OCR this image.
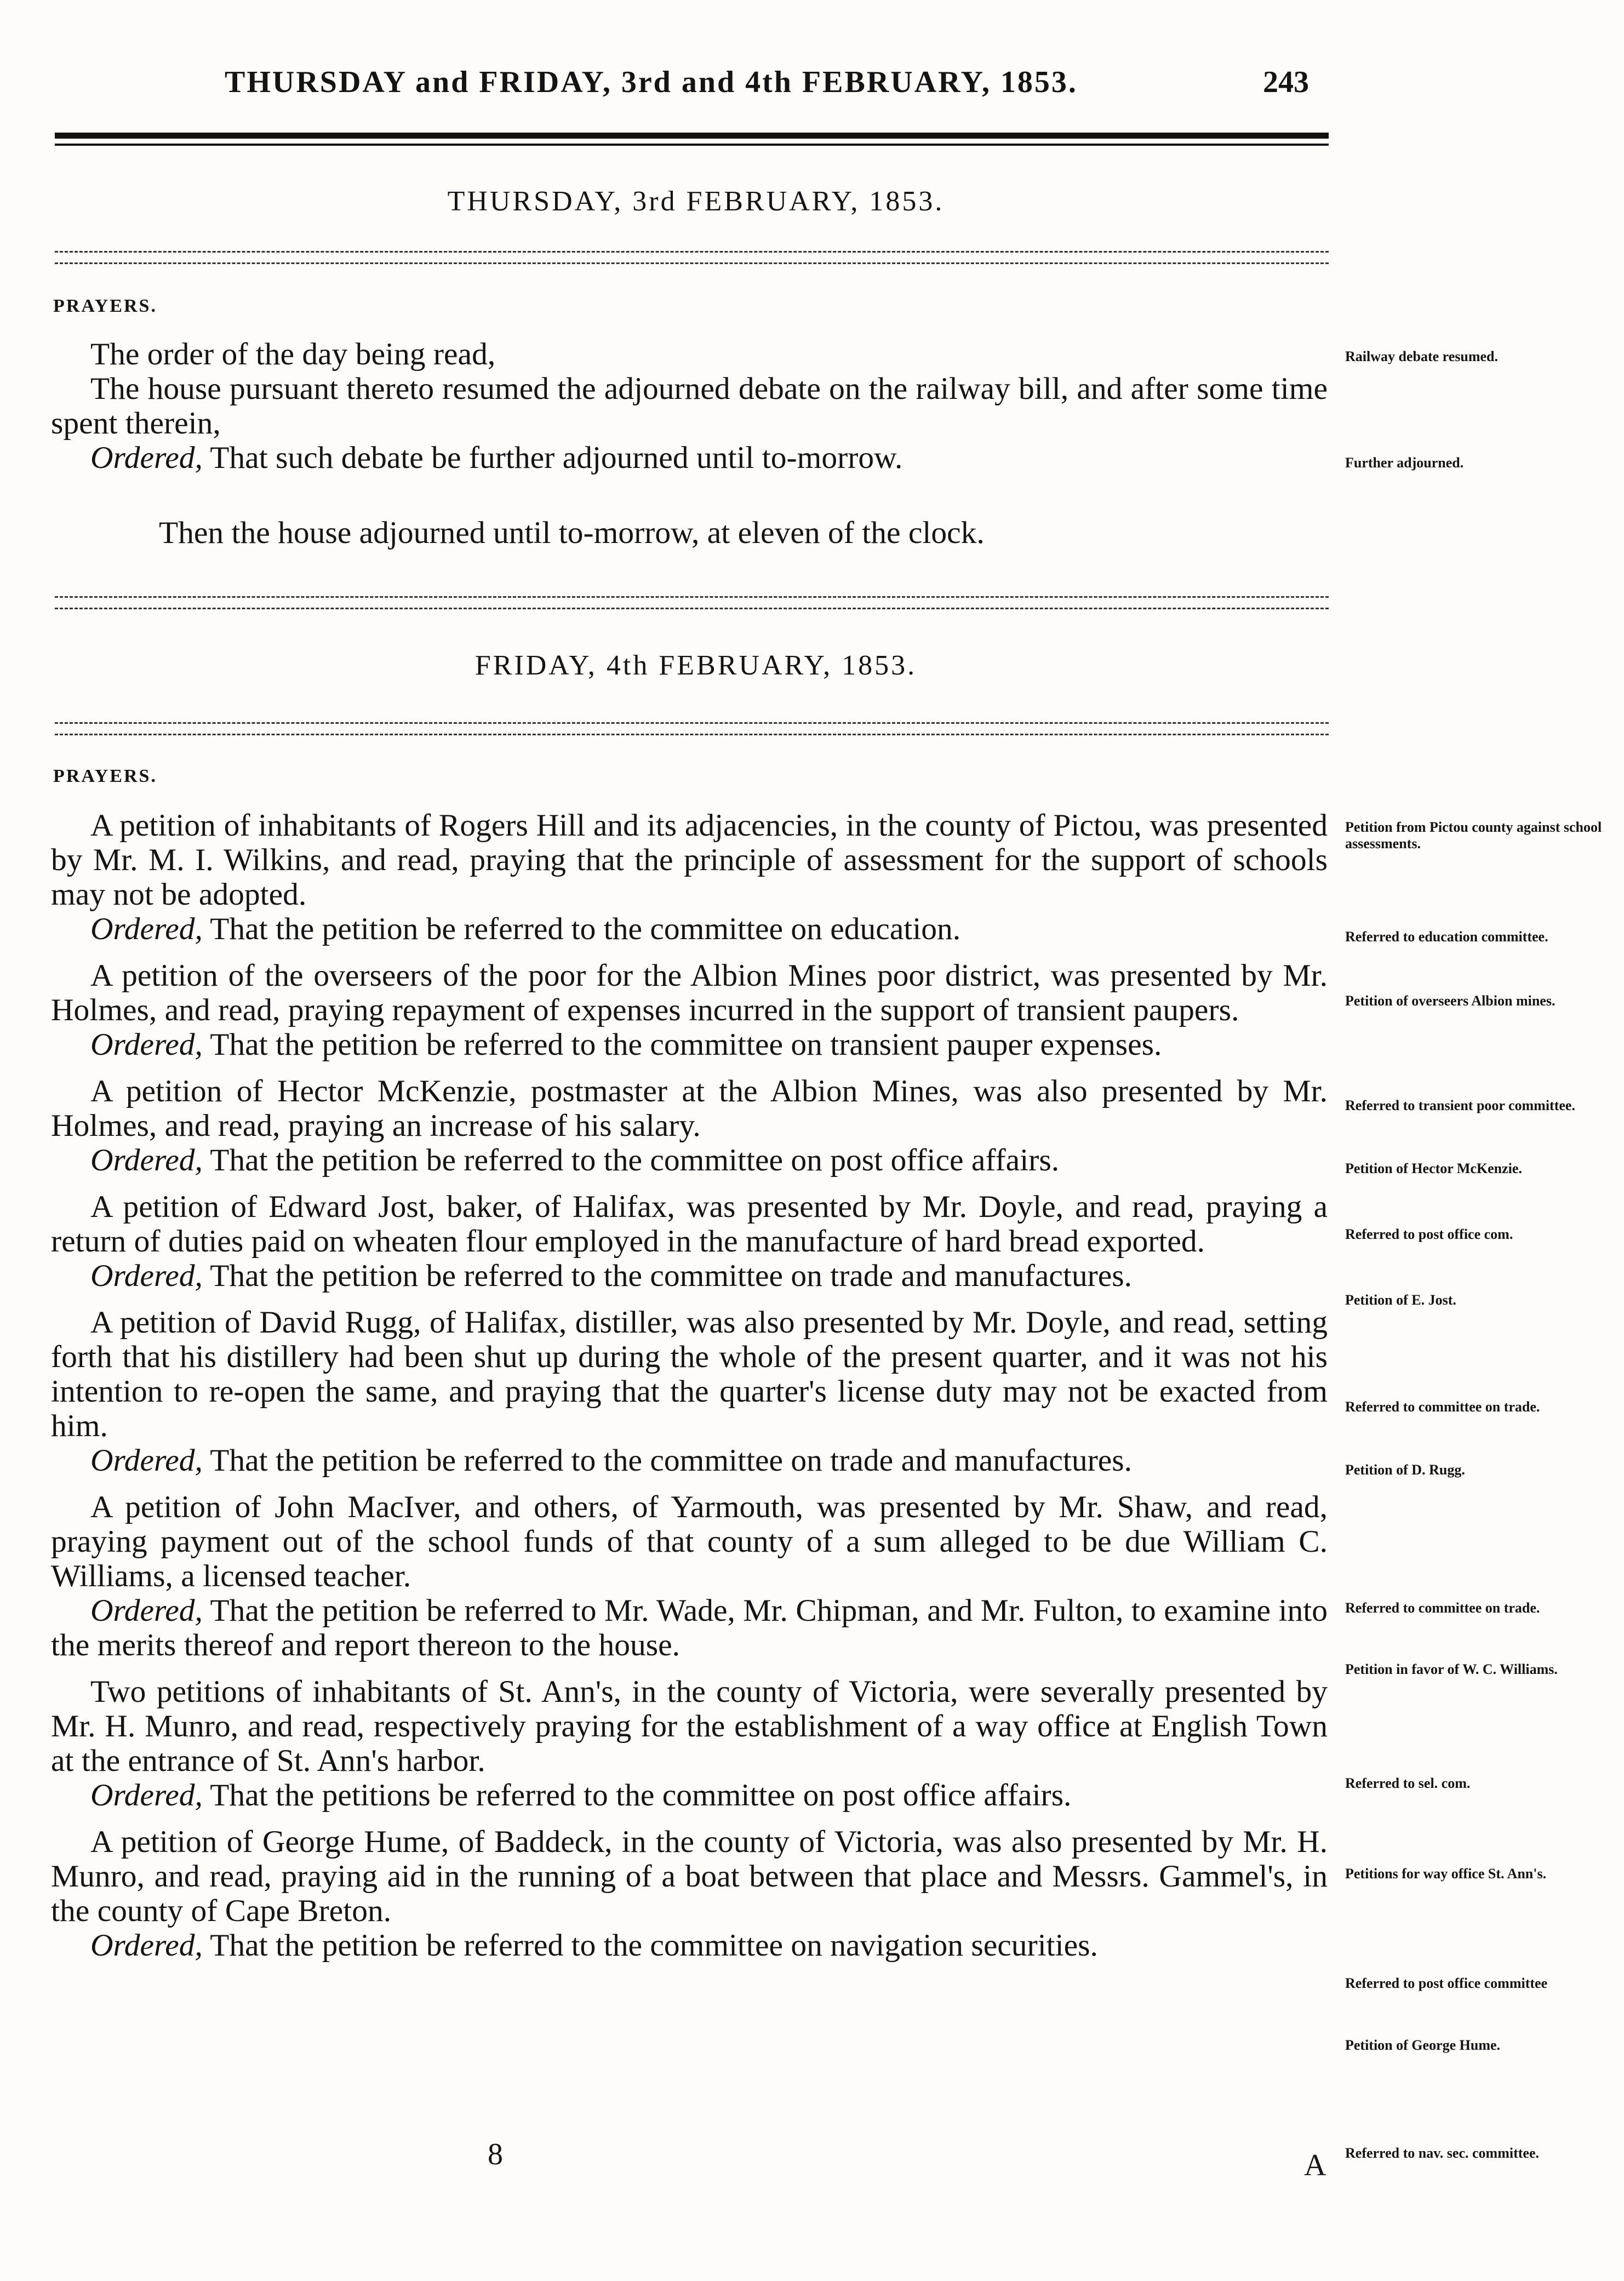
THURSDAY and FRIDAY, 3rd and 4th FEBRUARY, 1853.	243
THURSDAY, 3rd FEBRUARY, 1853.
PRAYERS.

The order of the day being read,

The house pursuant thereto resumed the adjourned debate on the railway bill, and after some time spent therein,

Ordered, That such debate be further adjourned until to-morrow.

Then the house adjourned until to-morrow, at eleven of the clock.
Railway debate resumed.
Further adjourned.
FRIDAY, 4th FEBRUARY, 1853.
PRAYERS.

A petition of inhabitants of Rogers Hill and its adjacencies, in the county of Pictou, was presented by Mr. M. I. Wilkins, and read, praying that the principle of assessment for the support of schools may not be adopted.

Ordered, That the petition be referred to the committee on education.

A petition of the overseers of the poor for the Albion Mines poor district, was presented by Mr. Holmes, and read, praying repayment of expenses incurred in the support of transient paupers.

Ordered, That the petition be referred to the committee on transient pauper expenses.

A petition of Hector McKenzie, postmaster at the Albion Mines, was also presented by Mr. Holmes, and read, praying an increase of his salary.

Ordered, That the petition be referred to the committee on post office affairs.

A petition of Edward Jost, baker, of Halifax, was presented by Mr. Doyle, and read, praying a return of duties paid on wheaten flour employed in the manufacture of hard bread exported.

Ordered, That the petition be referred to the committee on trade and manufactures.

A petition of David Rugg, of Halifax, distiller, was also presented by Mr. Doyle, and read, setting forth that his distillery had been shut up during the whole of the present quarter, and it was not his intention to re-open the same, and praying that the quarter's license duty may not be exacted from him.

Ordered, That the petition be referred to the committee on trade and manufactures.

A petition of John MacIver, and others, of Yarmouth, was presented by Mr. Shaw, and read, praying payment out of the school funds of that county of a sum alleged to be due William C. Williams, a licensed teacher.

Ordered, That the petition be referred to Mr. Wade, Mr. Chipman, and Mr. Fulton, to examine into the merits thereof and report thereon to the house.

Two petitions of inhabitants of St. Ann's, in the county of Victoria, were severally presented by Mr. H. Munro, and read, respectively praying for the establishment of a way office at English Town at the entrance of St. Ann's harbor.

Ordered, That the petitions be referred to the committee on post office affairs.

A petition of George Hume, of Baddeck, in the county of Victoria, was also presented by Mr. H. Munro, and read, praying aid in the running of a boat between that place and Messrs. Gammel's, in the county of Cape Breton.

Ordered, That the petition be referred to the committee on navigation securities.

Petition from Pictou county against school assessments.
Referred to education committee.
Petition of overseers Albion mines.
Referred to transient poor committee.
Petition of Hector McKenzie.
Referred to post office com.
Petition of E. Jost.
Referred to committee on trade.
Petition of D. Rugg.
Referred to committee on trade.
Petition in favor of W. C. Williams.
Referred to sel. com.
Petitions for way office St. Ann's.
Referred to post office committee
Petition of George Hume.
Referred to nav. sec. committee.
8	A
